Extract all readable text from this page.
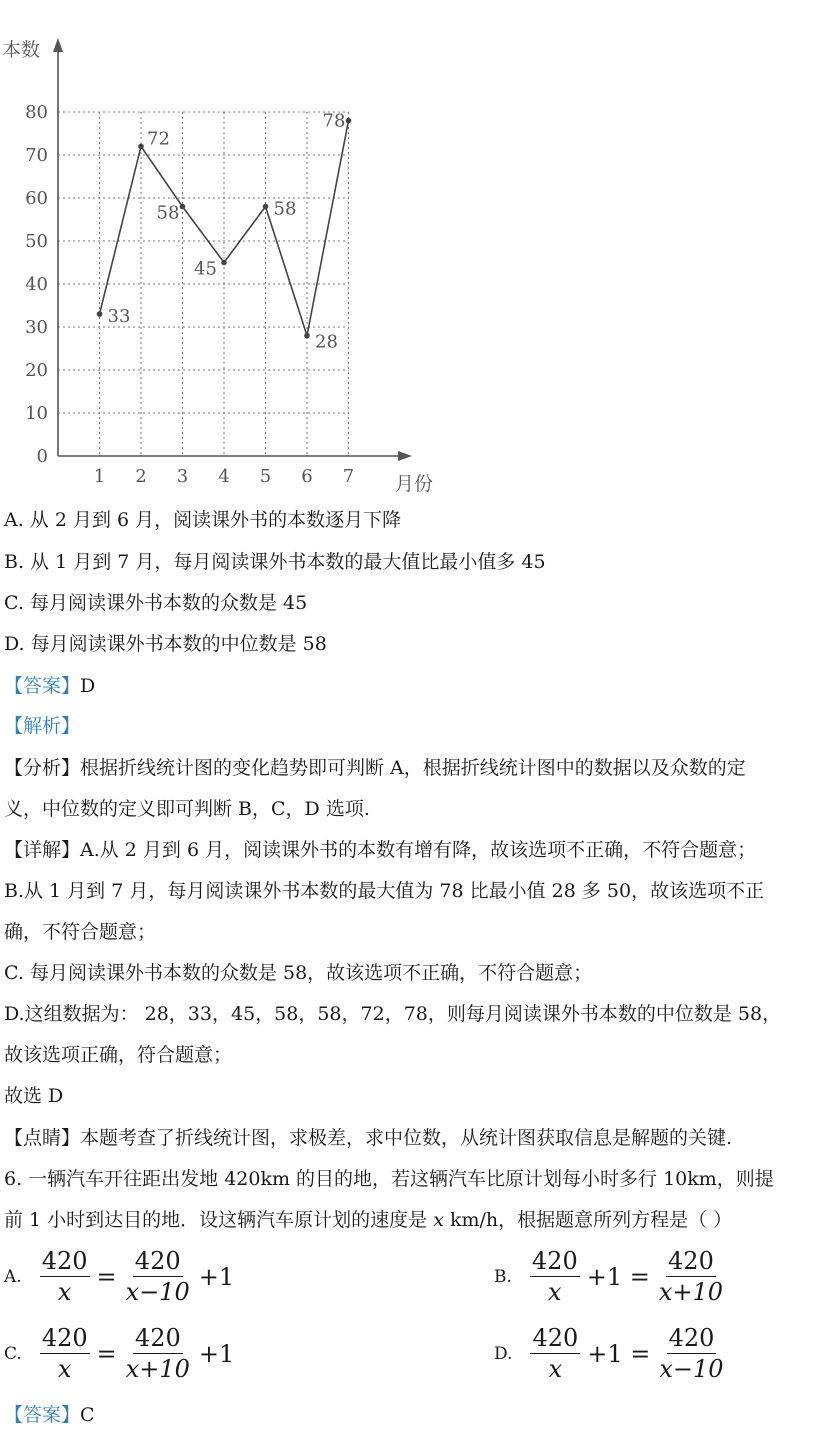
0
10
20
30
40
50
60
70
80
1 2 3 4 5 6 7
33
72
58
45
58
28
78
本数
月份
A. 从 2 月到 6 月，阅读课外书的本数逐月下降
B. 从 1 月到 7 月，每月阅读课外书本数的最大值比最小值多 45
C. 每月阅读课外书本数的众数是 45
D. 每月阅读课外书本数的中位数是 58
【答案】D
【解析】
【分析】根据折线统计图的变化趋势即可判断 A，根据折线统计图中的数据以及众数的定
义，中位数的定义即可判断 B，C，D 选项.
【详解】A.从 2 月到 6 月，阅读课外书的本数有增有降，故该选项不正确，不符合题意；
B.从 1 月到 7 月，每月阅读课外书本数的最大值为 78 比最小值 28 多 50，故该选项不正
确，不符合题意；
C. 每月阅读课外书本数的众数是 58，故该选项不正确，不符合题意；
D.这组数据为： 28，33，45，58，58，72，78，则每月阅读课外书本数的中位数是 58，
故该选项正确，符合题意；
故选 D
【点睛】本题考查了折线统计图，求极差，求中位数，从统计图获取信息是解题的关键.
6. 一辆汽车开往距出发地 420km 的目的地，若这辆汽车比原计划每小时多行 10km，则提
前 1 小时到达目的地．设这辆汽车原计划的速度是 x km/h，根据题意所列方程是（ ）
A. $\frac{420}{x} = \frac{420}{x-10} +1$	B. $\frac{420}{x} +1 = \frac{420}{x+10}$
C. $\frac{420}{x} = \frac{420}{x+10} +1$	D. $\frac{420}{x} +1 = \frac{420}{x-10}$
【答案】C
